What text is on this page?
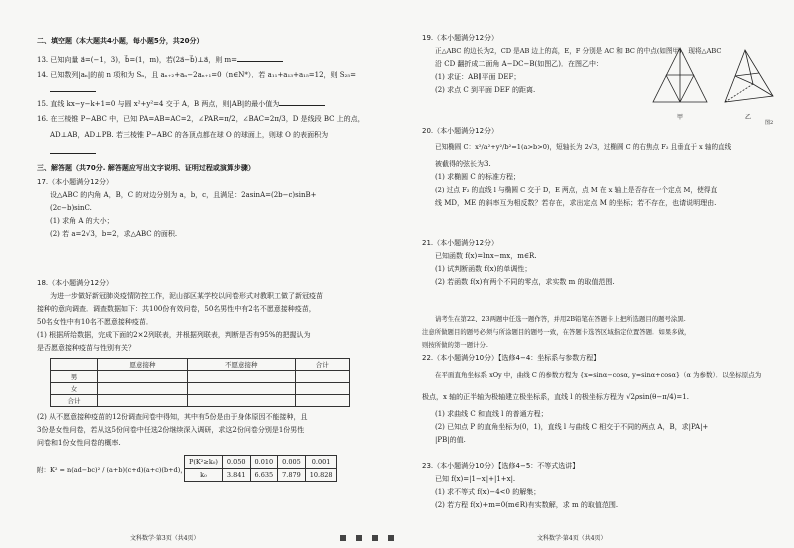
二、填空题（本大题共4小题，每小题5分，共20分）
13. 已知向量 a⃗=(−1，3)，b⃗=(1，m)，若(2a⃗−b⃗)⊥a⃗，则 m=
14. 已知数列|aₙ|的前 n 项和为 Sₙ，且 aₙ₊₂+aₙ−2aₙ₊₁=0（n∈N*）．若 a₁₁+a₁₃+a₁₅=12，则 S₂₅=
15. 直线 kx−y−k+1=0 与圆 x²+y²=4 交于 A，B 两点，则|AB|的最小值为
16. 在三棱锥 P−ABC 中，已知 PA=AB=AC=2，∠PAR=π/2，∠BAC=2π/3，D 是线段 BC 上的点，
AD⊥AB，AD⊥PB. 若三棱锥 P−ABC 的各顶点都在球 O 的球面上，则球 O 的表面积为
三、解答题（共70分. 解答题应写出文字说明、证明过程或演算步骤）
17.（本小题满分12分）
设△ABC 的内角 A，B，C 的对边分别为 a，b，c，且满足：2asinA=(2b−c)sinB+
(2c−b)sinC.
(1) 求角 A 的大小；
(2) 若 a=2√3，b=2，求△ABC 的面积.
18.（本小题满分12分）
为进一步做好新冠肺炎疫情防控工作，泥山部区某学校以问卷形式对教职工做了新冠疫苗
接种的意向调查．调查数据如下：共100份有效问卷，50名男性中有2名不愿意接种疫苗，
50名女性中有10名不愿意接种疫苗．
(1) 根据所给数据，完成下面的2×2列联表，并根据列联表，判断是否有95%的把握认为
是否愿意接种疫苗与性别有关？
	愿意接种	不愿意接种	合计
男			
女			
合计			
(2) 从不愿意接种疫苗的12份调查问卷中得知，其中有5份是由于身体原因不能接种，且
3份是女性问卷，若从这5份问卷中任选2份继续深入调研，求这2份问卷分别是1份男性
问卷和1份女性问卷的概率.
附：K² = n(ad−bc)² / (a+b)(c+d)(a+c)(b+d)，
P(K²≥k₀)	0.050	0.010	0.005	0.001
k₀	3.841	6.635	7.879	10.828
文科数学·第3页（共4页）
19.（本小题满分12分）
正△ABC 的边长为2，CD 是AB 边上的高，E，F 分别是 AC 和 BC 的中点(如图甲)，现将△ABC
沿 CD 翻折成二面角 A−DC−B(如图乙)．在图乙中：
(1) 求证：AB∥平面 DEF；
(2) 求点 C 到平面 DEF 的距离.
甲	乙
图2
20.（本小题满分12分）
已知椭圆 C：x²/a²+y²/b²=1(a>b>0)，短轴长为 2√3，过椭圆 C 的右焦点 F₂ 且垂直于 x 轴的直线
被截得的弦长为3.
(1) 求椭圆 C 的标准方程；
(2) 过点 F₂ 的直线 l 与椭圆 C 交于 D，E 两点，点 M 在 x 轴上是否存在一个定点 M，使得直
线 MD，ME 的斜率互为相反数？若存在，求出定点 M 的坐标；若不存在，也请说明理由.
21.（本小题满分12分）
已知函数 f(x)=lnx−mx，m∈R.
(1) 试判断函数 f(x)的单调性；
(2) 若函数 f(x)有两个不同的零点，求实数 m 的取值范围.
请考生在第22、23两题中任选一题作答，并用2B铅笔在答题卡上把所选题目的题号涂黑.
注意所做题目的题号必须与所涂题目的题号一致，在答题卡选答区域指定位置答题．如果多做，
则按所做的第一题计分.
22.（本小题满分10分）【选修4−4：坐标系与参数方程】
在平面直角坐标系 xOy 中，曲线 C 的参数方程为 {x=sinα−cosα, y=sinα+cosα}（α 为参数）．以坐标原点为
极点，x 轴的正半轴为极轴建立极坐标系，直线 l 的极坐标方程为 √2ρsin(θ−π/4)=1.
(1) 求曲线 C 和直线 l 的普通方程；
(2) 已知点 P 的直角坐标为(0，1)，直线 l 与曲线 C 相交于不同的两点 A，B，求|PA|+
|PB|的值.
23.（本小题满分10分）【选修4−5：不等式选讲】
已知 f(x)=|1−x|+|1+x|.
(1) 求不等式 f(x)−4<0 的解集；
(2) 若方程 f(x)+m=0(m∈R)有实数解，求 m 的取值范围.
文科数学·第4页（共4页）
